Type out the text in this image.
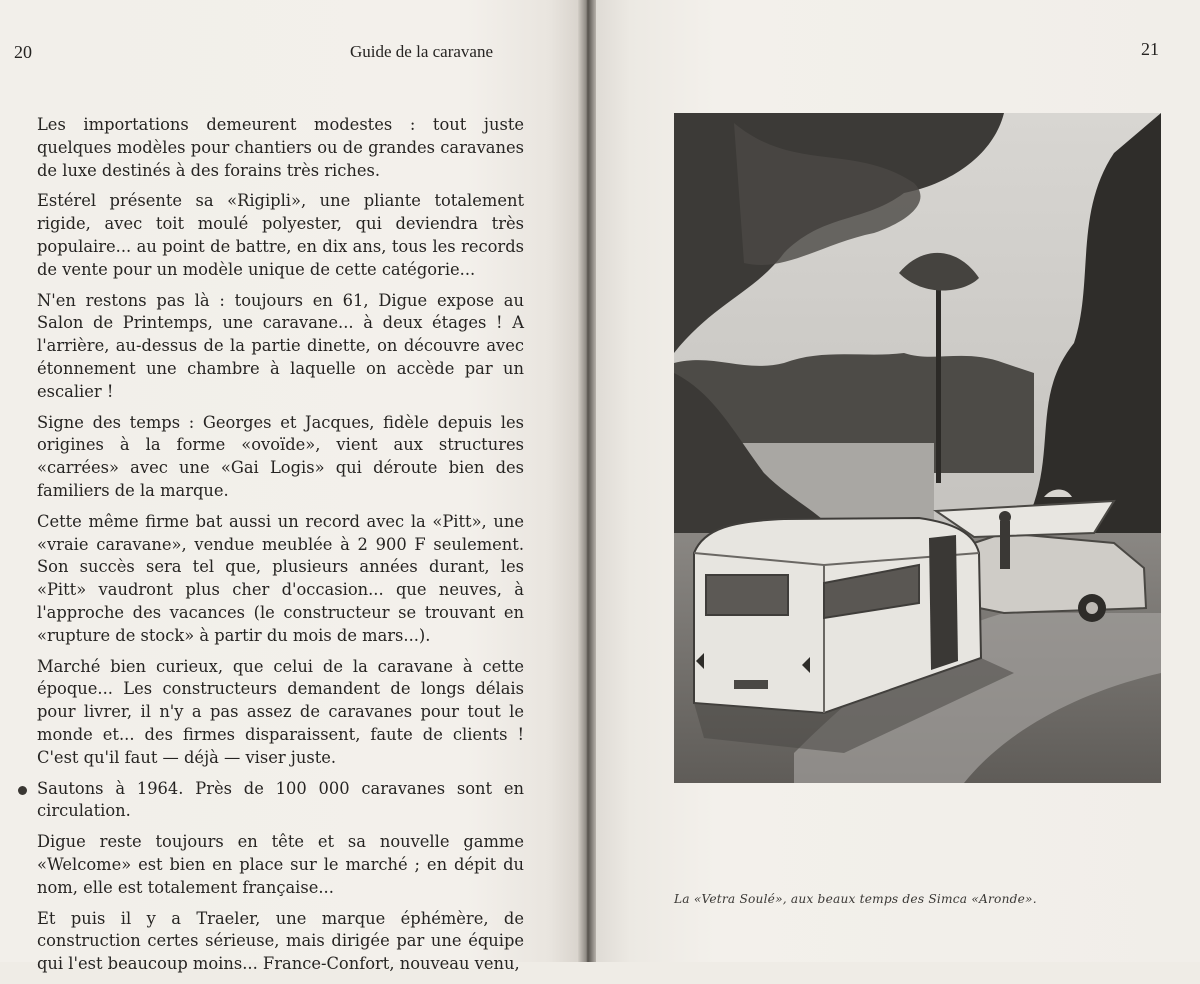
20	Guide de la caravane	21

Les importations demeurent modestes : tout juste quelques modèles pour chantiers ou de grandes caravanes de luxe destinés à des forains très riches.

Estérel présente sa «Rigipli», une pliante totalement rigide, avec toit moulé polyester, qui deviendra très populaire... au point de battre, en dix ans, tous les records de vente pour un modèle unique de cette catégorie...

N'en restons pas là : toujours en 61, Digue expose au Salon de Printemps, une caravane... à deux étages ! A l'arrière, au-dessus de la partie dinette, on découvre avec étonnement une chambre à laquelle on accède par un escalier !

Signe des temps : Georges et Jacques, fidèle depuis les origines à la forme «ovoïde», vient aux structures «carrées» avec une «Gai Logis» qui déroute bien des familiers de la marque.

Cette même firme bat aussi un record avec la «Pitt», une «vraie caravane», vendue meublée à 2 900 F seulement. Son succès sera tel que, plusieurs années durant, les «Pitt» vaudront plus cher d'occasion... que neuves, à l'approche des vacances (le constructeur se trouvant en «rupture de stock» à partir du mois de mars...).

Marché bien curieux, que celui de la caravane à cette époque... Les constructeurs demandent de longs délais pour livrer, il n'y a pas assez de caravanes pour tout le monde et... des firmes disparaissent, faute de clients ! C'est qu'il faut — déjà — viser juste.

Sautons à 1964. Près de 100 000 caravanes sont en circulation.

Digue reste toujours en tête et sa nouvelle gamme «Welcome» est bien en place sur le marché ; en dépit du nom, elle est totalement française...

Et puis il y a Traeler, une marque éphémère, de construction certes sérieuse, mais dirigée par une équipe qui l'est beaucoup moins... France-Confort, nouveau venu,

La «Vetra Soulé», aux beaux temps des Simca «Aronde».
